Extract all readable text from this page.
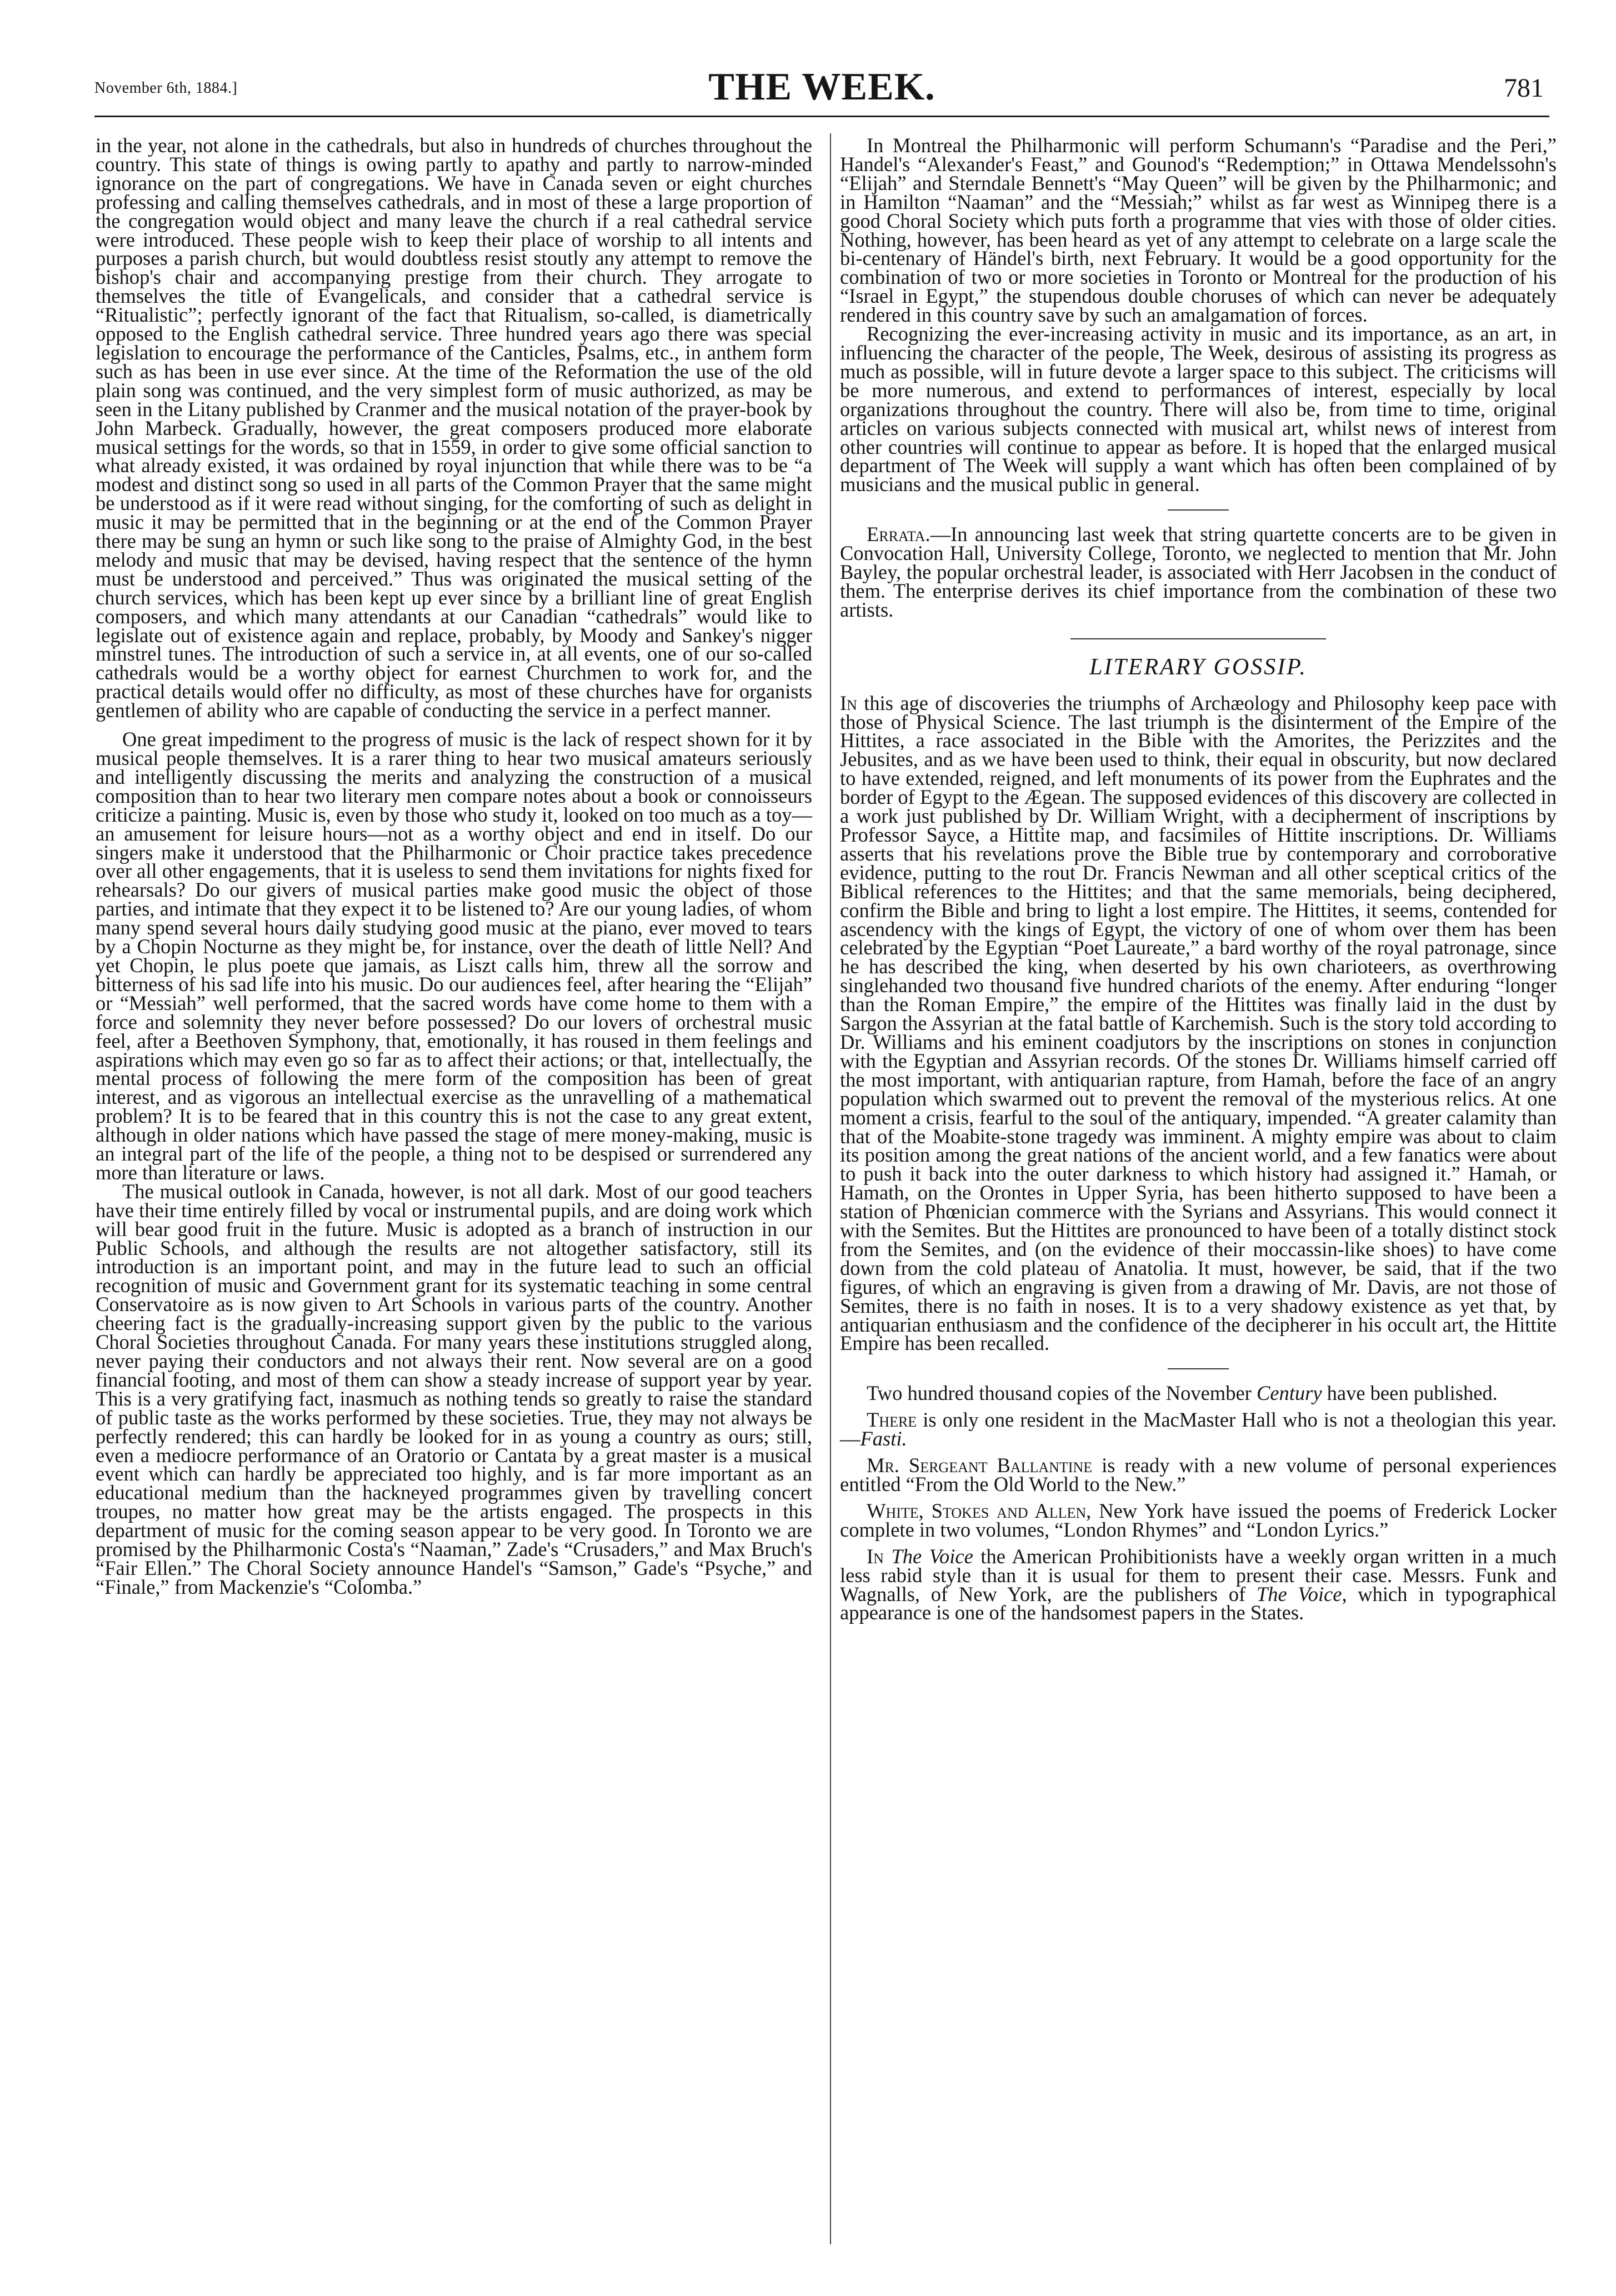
November 6th, 1884.]	THE WEEK.	781

in the year, not alone in the cathedrals, but also in hundreds of churches throughout the country. This state of things is owing partly to apathy and partly to narrow-minded ignorance on the part of congregations. We have in Canada seven or eight churches professing and calling themselves cathedrals, and in most of these a large proportion of the congregation would object and many leave the church if a real cathedral service were introduced. These people wish to keep their place of worship to all intents and purposes a parish church, but would doubtless resist stoutly any attempt to remove the bishop's chair and accompanying prestige from their church. They arrogate to themselves the title of Evangelicals, and consider that a cathedral service is “Ritualistic”; perfectly ignorant of the fact that Ritualism, so-called, is diametrically opposed to the English cathedral service. Three hundred years ago there was special legislation to encourage the performance of the Canticles, Psalms, etc., in anthem form such as has been in use ever since. At the time of the Reformation the use of the old plain song was continued, and the very simplest form of music authorized, as may be seen in the Litany published by Cranmer and the musical notation of the prayer-book by John Marbeck. Gradually, however, the great composers produced more elaborate musical settings for the words, so that in 1559, in order to give some official sanction to what already existed, it was ordained by royal injunction that while there was to be “a modest and distinct song so used in all parts of the Common Prayer that the same might be understood as if it were read without singing, for the comforting of such as delight in music it may be permitted that in the beginning or at the end of the Common Prayer there may be sung an hymn or such like song to the praise of Almighty God, in the best melody and music that may be devised, having respect that the sentence of the hymn must be understood and perceived.” Thus was originated the musical setting of the church services, which has been kept up ever since by a brilliant line of great English composers, and which many attendants at our Canadian “cathedrals” would like to legislate out of existence again and replace, probably, by Moody and Sankey's nigger minstrel tunes. The introduction of such a service in, at all events, one of our so-called cathedrals would be a worthy object for earnest Churchmen to work for, and the practical details would offer no difficulty, as most of these churches have for organists gentlemen of ability who are capable of conducting the service in a perfect manner.

One great impediment to the progress of music is the lack of respect shown for it by musical people themselves. It is a rarer thing to hear two musical amateurs seriously and intelligently discussing the merits and analyzing the construction of a musical composition than to hear two literary men compare notes about a book or connoisseurs criticize a painting. Music is, even by those who study it, looked on too much as a toy—an amusement for leisure hours—not as a worthy object and end in itself. Do our singers make it understood that the Philharmonic or Choir practice takes precedence over all other engagements, that it is useless to send them invitations for nights fixed for rehearsals? Do our givers of musical parties make good music the object of those parties, and intimate that they expect it to be listened to? Are our young ladies, of whom many spend several hours daily studying good music at the piano, ever moved to tears by a Chopin Nocturne as they might be, for instance, over the death of little Nell? And yet Chopin, le plus poete que jamais, as Liszt calls him, threw all the sorrow and bitterness of his sad life into his music. Do our audiences feel, after hearing the “Elijah” or “Messiah” well performed, that the sacred words have come home to them with a force and solemnity they never before possessed? Do our lovers of orchestral music feel, after a Beethoven Symphony, that, emotionally, it has roused in them feelings and aspirations which may even go so far as to affect their actions; or that, intellectually, the mental process of following the mere form of the composition has been of great interest, and as vigorous an intellectual exercise as the unravelling of a mathematical problem? It is to be feared that in this country this is not the case to any great extent, although in older nations which have passed the stage of mere money-making, music is an integral part of the life of the people, a thing not to be despised or surrendered any more than literature or laws.

The musical outlook in Canada, however, is not all dark. Most of our good teachers have their time entirely filled by vocal or instrumental pupils, and are doing work which will bear good fruit in the future. Music is adopted as a branch of instruction in our Public Schools, and although the results are not altogether satisfactory, still its introduction is an important point, and may in the future lead to such an official recognition of music and Government grant for its systematic teaching in some central Conservatoire as is now given to Art Schools in various parts of the country. Another cheering fact is the gradually-increasing support given by the public to the various Choral Societies throughout Canada. For many years these institutions struggled along, never paying their conductors and not always their rent. Now several are on a good financial footing, and most of them can show a steady increase of support year by year. This is a very gratifying fact, inasmuch as nothing tends so greatly to raise the standard of public taste as the works performed by these societies. True, they may not always be perfectly rendered; this can hardly be looked for in as young a country as ours; still, even a mediocre performance of an Oratorio or Cantata by a great master is a musical event which can hardly be appreciated too highly, and is far more important as an educational medium than the hackneyed programmes given by travelling concert troupes, no matter how great may be the artists engaged. The prospects in this department of music for the coming season appear to be very good. In Toronto we are promised by the Philharmonic Costa's “Naaman,” Zade's “Crusaders,” and Max Bruch's “Fair Ellen.” The Choral Society announce Handel's “Samson,” Gade's “Psyche,” and “Finale,” from Mackenzie's “Colomba.”

In Montreal the Philharmonic will perform Schumann's “Paradise and the Peri,” Handel's “Alexander's Feast,” and Gounod's “Redemption;” in Ottawa Mendelssohn's “Elijah” and Sterndale Bennett's “May Queen” will be given by the Philharmonic; and in Hamilton “Naaman” and the “Messiah;” whilst as far west as Winnipeg there is a good Choral Society which puts forth a programme that vies with those of older cities. Nothing, however, has been heard as yet of any attempt to celebrate on a large scale the bi-centenary of Händel's birth, next February. It would be a good opportunity for the combination of two or more societies in Toronto or Montreal for the production of his “Israel in Egypt,” the stupendous double choruses of which can never be adequately rendered in this country save by such an amalgamation of forces.

Recognizing the ever-increasing activity in music and its importance, as an art, in influencing the character of the people, The Week, desirous of assisting its progress as much as possible, will in future devote a larger space to this subject. The criticisms will be more numerous, and extend to performances of interest, especially by local organizations throughout the country. There will also be, from time to time, original articles on various subjects connected with musical art, whilst news of interest from other countries will continue to appear as before. It is hoped that the enlarged musical department of The Week will supply a want which has often been complained of by musicians and the musical public in general.

Errata.—In announcing last week that string quartette concerts are to be given in Convocation Hall, University College, Toronto, we neglected to mention that Mr. John Bayley, the popular orchestral leader, is associated with Herr Jacobsen in the conduct of them. The enterprise derives its chief importance from the combination of these two artists.

LITERARY GOSSIP.

In this age of discoveries the triumphs of Archæology and Philosophy keep pace with those of Physical Science. The last triumph is the disinterment of the Empire of the Hittites, a race associated in the Bible with the Amorites, the Perizzites and the Jebusites, and as we have been used to think, their equal in obscurity, but now declared to have extended, reigned, and left monuments of its power from the Euphrates and the border of Egypt to the Ægean. The supposed evidences of this discovery are collected in a work just published by Dr. William Wright, with a decipherment of inscriptions by Professor Sayce, a Hittite map, and facsimiles of Hittite inscriptions. Dr. Williams asserts that his revelations prove the Bible true by contemporary and corroborative evidence, putting to the rout Dr. Francis Newman and all other sceptical critics of the Biblical references to the Hittites; and that the same memorials, being deciphered, confirm the Bible and bring to light a lost empire. The Hittites, it seems, contended for ascendency with the kings of Egypt, the victory of one of whom over them has been celebrated by the Egyptian “Poet Laureate,” a bard worthy of the royal patronage, since he has described the king, when deserted by his own charioteers, as overthrowing singlehanded two thousand five hundred chariots of the enemy. After enduring “longer than the Roman Empire,” the empire of the Hittites was finally laid in the dust by Sargon the Assyrian at the fatal battle of Karchemish. Such is the story told according to Dr. Williams and his eminent coadjutors by the inscriptions on stones in conjunction with the Egyptian and Assyrian records. Of the stones Dr. Williams himself carried off the most important, with antiquarian rapture, from Hamah, before the face of an angry population which swarmed out to prevent the removal of the mysterious relics. At one moment a crisis, fearful to the soul of the antiquary, impended. “A greater calamity than that of the Moabite-stone tragedy was imminent. A mighty empire was about to claim its position among the great nations of the ancient world, and a few fanatics were about to push it back into the outer darkness to which history had assigned it.” Hamah, or Hamath, on the Orontes in Upper Syria, has been hitherto supposed to have been a station of Phœnician commerce with the Syrians and Assyrians. This would connect it with the Semites. But the Hittites are pronounced to have been of a totally distinct stock from the Semites, and (on the evidence of their moccassin-like shoes) to have come down from the cold plateau of Anatolia. It must, however, be said, that if the two figures, of which an engraving is given from a drawing of Mr. Davis, are not those of Semites, there is no faith in noses. It is to a very shadowy existence as yet that, by antiquarian enthusiasm and the confidence of the decipherer in his occult art, the Hittite Empire has been recalled.

Two hundred thousand copies of the November Century have been published.

There is only one resident in the MacMaster Hall who is not a theologian this year.—Fasti.

Mr. Sergeant Ballantine is ready with a new volume of personal experiences entitled “From the Old World to the New.”

White, Stokes and Allen, New York have issued the poems of Frederick Locker complete in two volumes, “London Rhymes” and “London Lyrics.”

In The Voice the American Prohibitionists have a weekly organ written in a much less rabid style than it is usual for them to present their case. Messrs. Funk and Wagnalls, of New York, are the publishers of The Voice, which in typographical appearance is one of the handsomest papers in the States.
